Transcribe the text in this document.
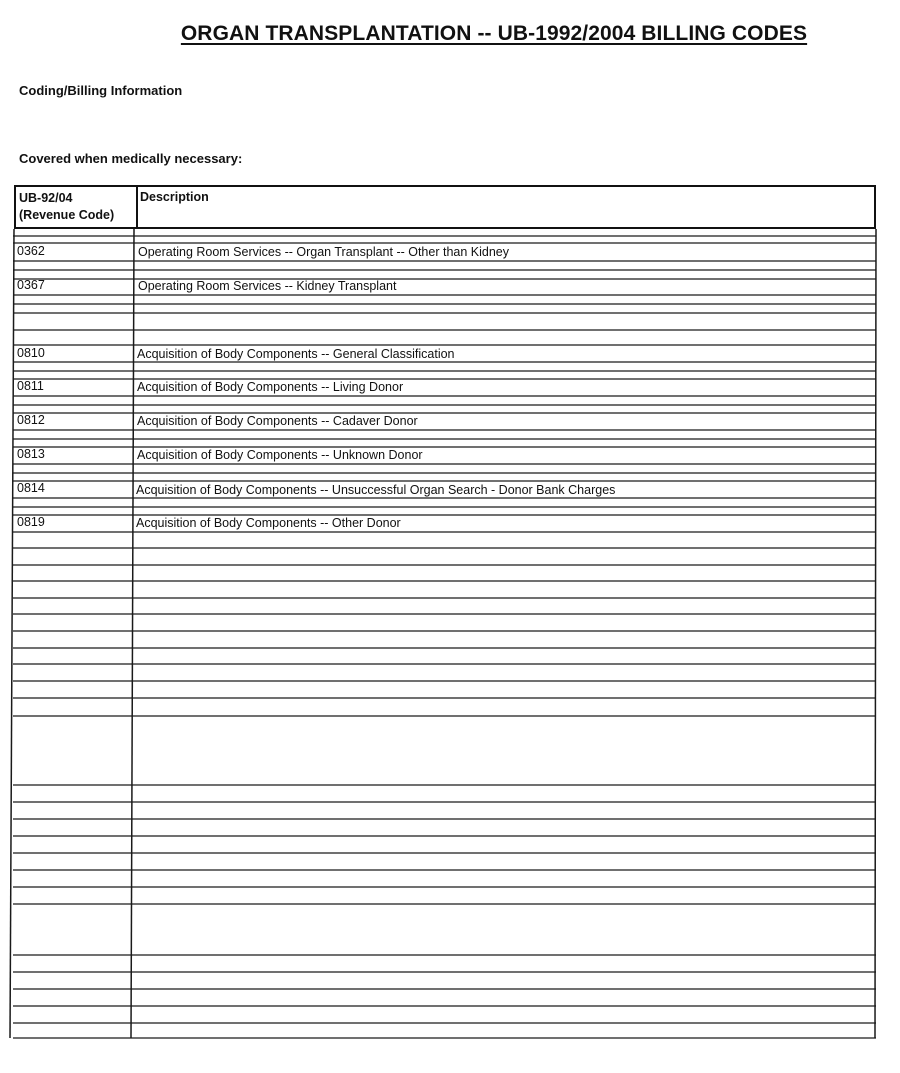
ORGAN TRANSPLANTATION -- UB-1992/2004 BILLING CODES
Coding/Billing Information
Covered when medically necessary:
UB-92/04
(Revenue Code)
Description
0362	Operating Room Services -- Organ Transplant -- Other than Kidney
0367	Operating Room Services -- Kidney Transplant
0810	Acquisition of Body Components -- General Classification
0811	Acquisition of Body Components -- Living Donor
0812	Acquisition of Body Components -- Cadaver Donor
0813	Acquisition of Body Components -- Unknown Donor
0814	Acquisition of Body Components -- Unsuccessful Organ Search - Donor Bank Charges
0819	Acquisition of Body Components -- Other Donor
